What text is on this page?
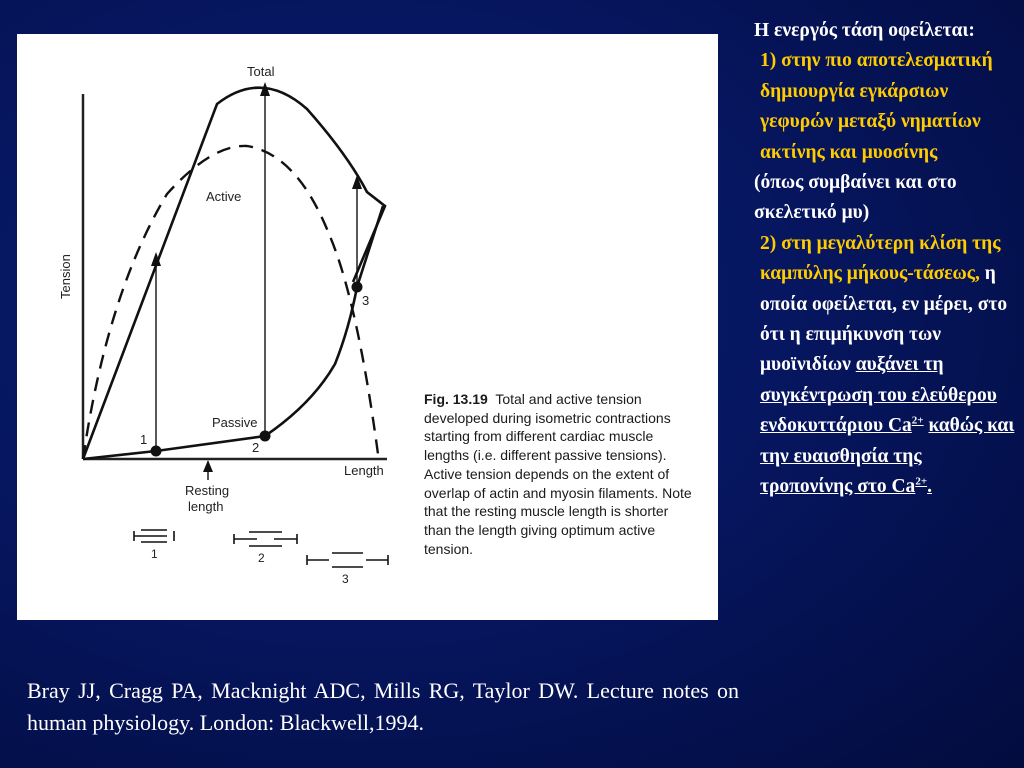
Tension
Length
Total
Active
Passive
1
2
3
Resting
length
1	2
3
Fig. 13.19 Total and active tension developed during isometric contractions starting from different cardiac muscle lengths (i.e. different passive tensions). Active tension depends on the extent of overlap of actin and myosin filaments. Note that the resting muscle length is shorter than the length giving optimum active tension.
Η ενεργός τάση οφείλεται:
1) στην πιο αποτελεσματική δημιουργία εγκάρσιων γεφυρών μεταξύ νηματίων ακτίνης και μυοσίνης
(όπως συμβαίνει και στο σκελετικό μυ)
2) στη μεγαλύτερη κλίση της καμπύλης μήκους-τάσεως, η οποία οφείλεται, εν μέρει, στο ότι η επιμήκυνση των μυοϊνιδίων αυξάνει τη συγκέντρωση του ελεύθερου ενδοκυττάριου $Ca^{2+}$ καθώς και την ευαισθησία της τροπονίνης στο $Ca^{2+}$.
Bray JJ, Cragg PA, Macknight ADC, Mills RG, Taylor DW. Lecture notes on human physiology. London: Blackwell,1994.
